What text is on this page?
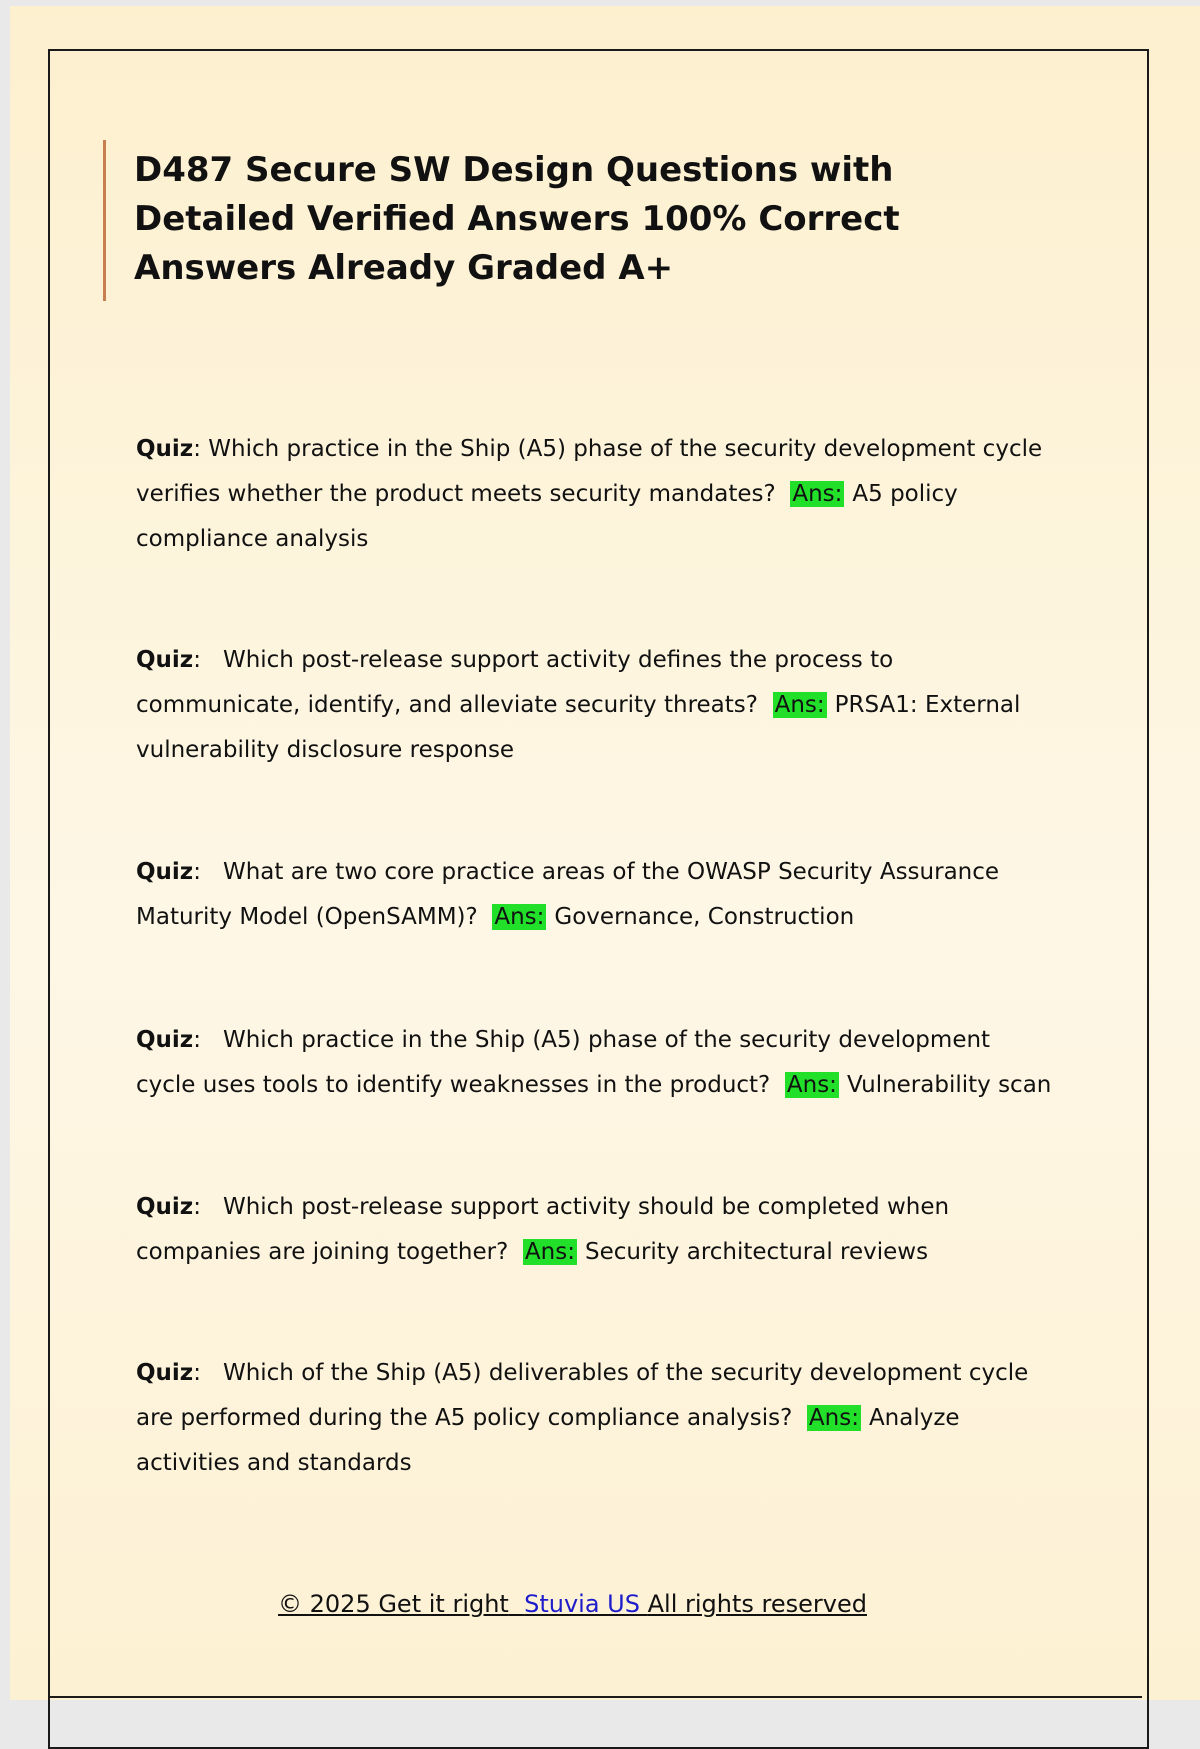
D487 Secure SW Design Questions with Detailed Verified Answers 100% Correct Answers Already Graded A+

Quiz: Which practice in the Ship (A5) phase of the security development cycle verifies whether the product meets security mandates? Ans: A5 policy compliance analysis

Quiz: Which post-release support activity defines the process to communicate, identify, and alleviate security threats? Ans: PRSA1: External vulnerability disclosure response

Quiz: What are two core practice areas of the OWASP Security Assurance Maturity Model (OpenSAMM)? Ans: Governance, Construction

Quiz: Which practice in the Ship (A5) phase of the security development cycle uses tools to identify weaknesses in the product? Ans: Vulnerability scan

Quiz: Which post-release support activity should be completed when companies are joining together? Ans: Security architectural reviews

Quiz: Which of the Ship (A5) deliverables of the security development cycle are performed during the A5 policy compliance analysis? Ans: Analyze activities and standards

© 2025 Get it right Stuvia US All rights reserved
